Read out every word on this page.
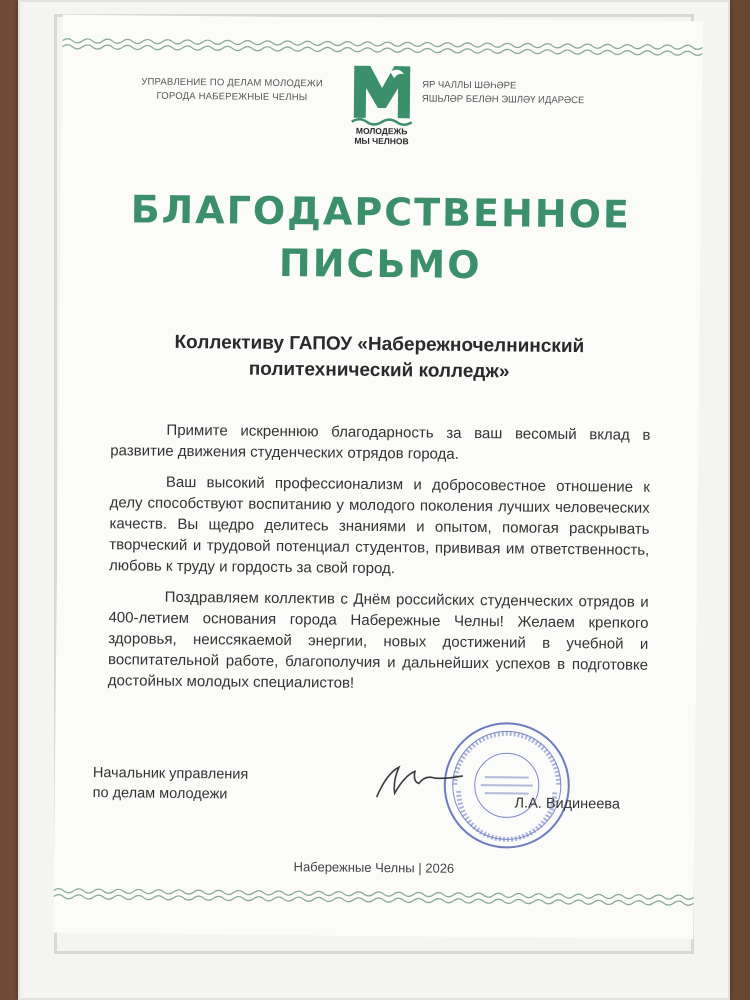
УПРАВЛЕНИЕ ПО ДЕЛАМ МОЛОДЕЖИ
ГОРОДА НАБЕРЕЖНЫЕ ЧЕЛНЫ
МОЛОДЕЖЬ
МЫ ЧЕЛНОВ
ЯР ЧАЛЛЫ ШӘҺӘРЕ
ЯШЬЛӘР БЕЛӘН ЭШЛӘҮ ИДАРӘСЕ
БЛАГОДАРСТВЕННОЕ
ПИСЬМО
Коллективу ГАПОУ «Набережночелнинский
политехнический колледж»

Примите искреннюю благодарность за ваш весомый вклад в развитие движения студенческих отрядов города.

Ваш высокий профессионализм и добросовестное отношение к делу способствуют воспитанию у молодого поколения лучших человеческих качеств. Вы щедро делитесь знаниями и опытом, помогая раскрывать творческий и трудовой потенциал студентов, прививая им ответственность, любовь к труду и гордость за свой город.

Поздравляем коллектив с Днём российских студенческих отрядов и 400-летием основания города Набережные Челны! Желаем крепкого здоровья, неиссякаемой энергии, новых достижений в учебной и воспитательной работе, благополучия и дальнейших успехов в подготовке достойных молодых специалистов!

Начальник управления
по делам молодежи
Л.А. Видинеева
Набережные Челны | 2026
